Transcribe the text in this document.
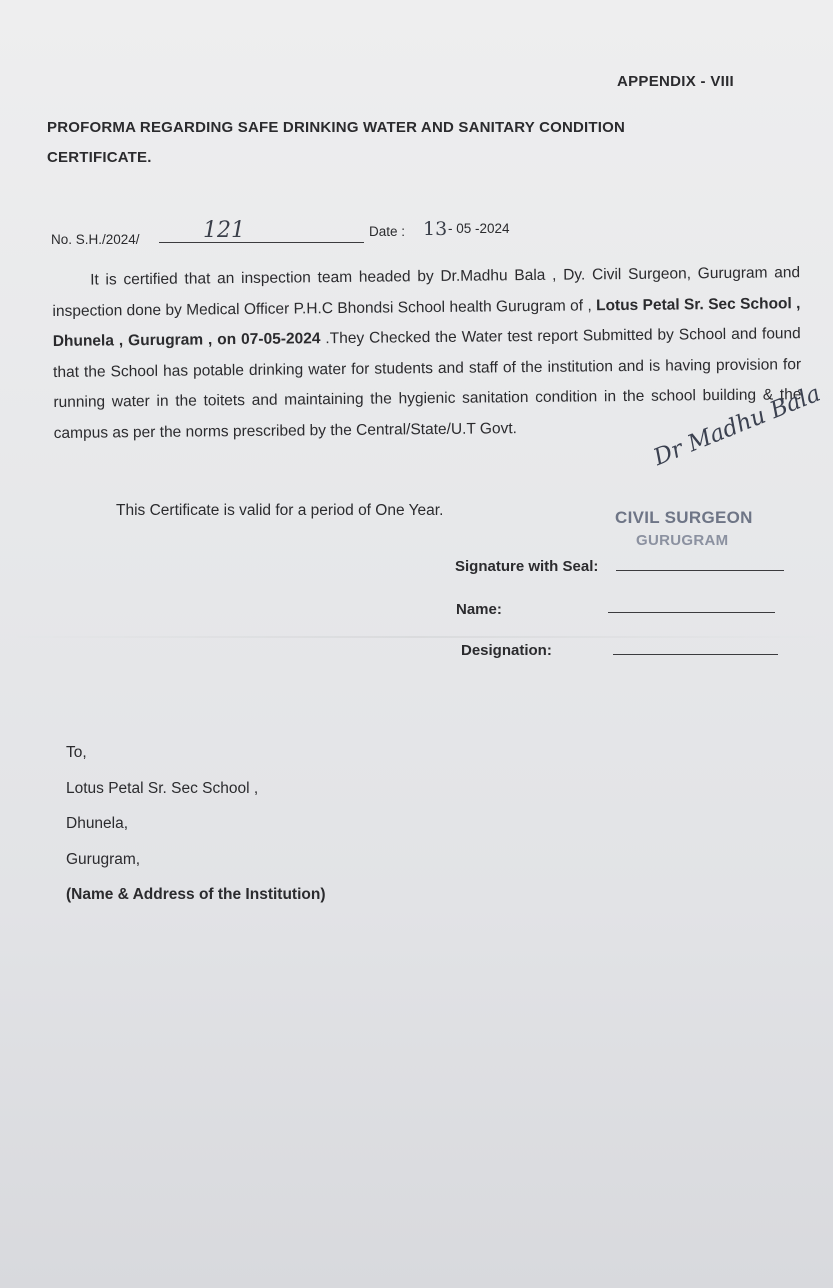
APPENDIX - VIII
PROFORMA REGARDING SAFE DRINKING WATER AND SANITARY CONDITION
CERTIFICATE.
No. S.H./2024/	121	Date : 13 - 05 -2024

It is certified that an inspection team headed by Dr.Madhu Bala , Dy. Civil Surgeon, Gurugram and inspection done by Medical Officer P.H.C Bhondsi School health Gurugram of , Lotus Petal Sr. Sec School , Dhunela , Gurugram , on 07-05-2024 .They Checked the Water test report Submitted by School and found that the School has potable drinking water for students and staff of the institution and is having provision for running water in the toitets and maintaining the hygienic sanitation condition in the school building & the campus as per the norms prescribed by the Central/State/U.T Govt.

This Certificate is valid for a period of One Year.
Dr Madhu Bala
CIVIL SURGEON
GURUGRAM
Signature with Seal:
Name:
Designation:
To,
Lotus Petal Sr. Sec School ,
Dhunela,
Gurugram,
(Name & Address of the Institution)
